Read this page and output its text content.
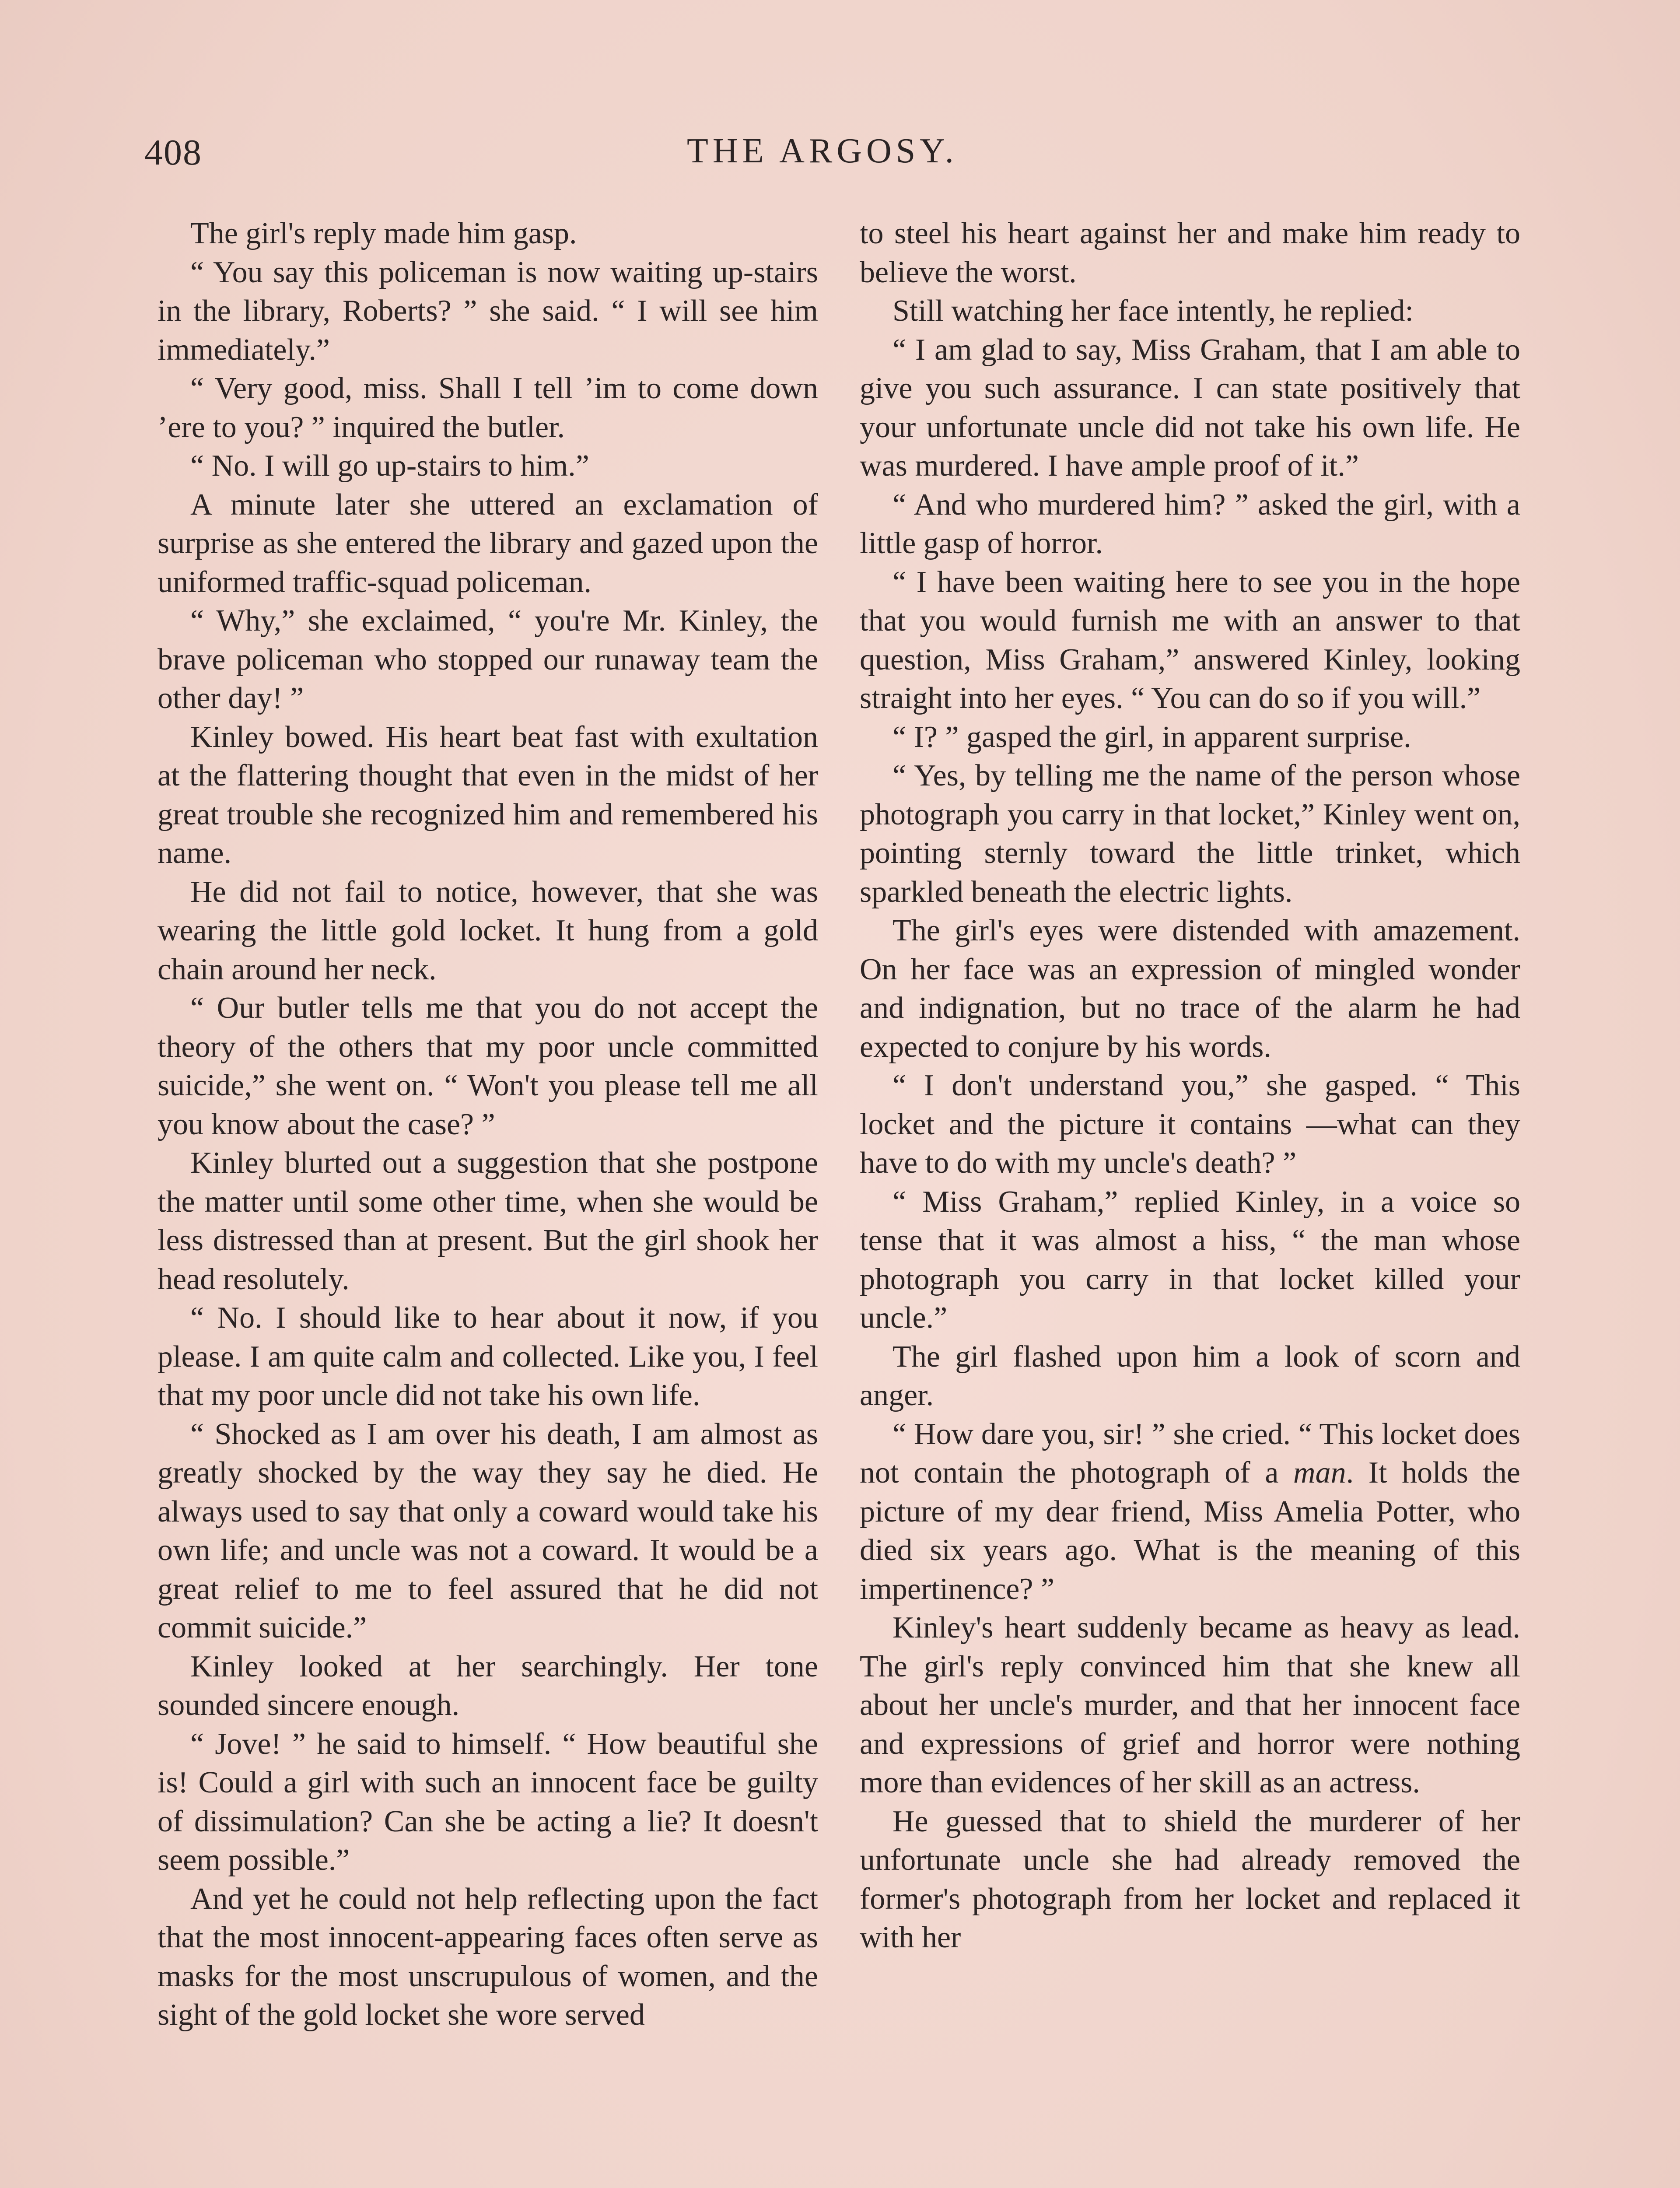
408	THE ARGOSY.

The girl's reply made him gasp.

“ You say this policeman is now waiting up-stairs in the library, Roberts? ” she said. “ I will see him immediately.”

“ Very good, miss. Shall I tell ’im to come down ’ere to you? ” inquired the butler.

“ No. I will go up-stairs to him.”

A minute later she uttered an exclamation of surprise as she entered the library and gazed upon the uniformed traffic-squad policeman.

“ Why,” she exclaimed, “ you're Mr. Kinley, the brave policeman who stopped our runaway team the other day! ”

Kinley bowed. His heart beat fast with exultation at the flattering thought that even in the midst of her great trouble she recognized him and remembered his name.

He did not fail to notice, however, that she was wearing the little gold locket. It hung from a gold chain around her neck.

“ Our butler tells me that you do not accept the theory of the others that my poor uncle committed suicide,” she went on. “ Won't you please tell me all you know about the case? ”

Kinley blurted out a suggestion that she postpone the matter until some other time, when she would be less distressed than at present. But the girl shook her head resolutely.

“ No. I should like to hear about it now, if you please. I am quite calm and collected. Like you, I feel that my poor uncle did not take his own life.

“ Shocked as I am over his death, I am almost as greatly shocked by the way they say he died. He always used to say that only a coward would take his own life; and uncle was not a coward. It would be a great relief to me to feel assured that he did not commit suicide.”

Kinley looked at her searchingly. Her tone sounded sincere enough.

“ Jove! ” he said to himself. “ How beautiful she is! Could a girl with such an innocent face be guilty of dissimulation? Can she be acting a lie? It doesn't seem possible.”

And yet he could not help reflecting upon the fact that the most innocent-appearing faces often serve as masks for the most unscrupulous of women, and the sight of the gold locket she wore served

to steel his heart against her and make him ready to believe the worst.

Still watching her face intently, he replied:

“ I am glad to say, Miss Graham, that I am able to give you such assurance. I can state positively that your unfortunate uncle did not take his own life. He was murdered. I have ample proof of it.”

“ And who murdered him? ” asked the girl, with a little gasp of horror.

“ I have been waiting here to see you in the hope that you would furnish me with an answer to that question, Miss Graham,” answered Kinley, looking straight into her eyes. “ You can do so if you will.”

“ I? ” gasped the girl, in apparent surprise.

“ Yes, by telling me the name of the person whose photograph you carry in that locket,” Kinley went on, pointing sternly toward the little trinket, which sparkled beneath the electric lights.

The girl's eyes were distended with amazement. On her face was an expression of mingled wonder and indignation, but no trace of the alarm he had expected to conjure by his words.

“ I don't understand you,” she gasped. “ This locket and the picture it contains —what can they have to do with my uncle's death? ”

“ Miss Graham,” replied Kinley, in a voice so tense that it was almost a hiss, “ the man whose photograph you carry in that locket killed your uncle.”

The girl flashed upon him a look of scorn and anger.

“ How dare you, sir! ” she cried. “ This locket does not contain the photograph of a man. It holds the picture of my dear friend, Miss Amelia Potter, who died six years ago. What is the meaning of this impertinence? ”

Kinley's heart suddenly became as heavy as lead. The girl's reply convinced him that she knew all about her uncle's murder, and that her innocent face and expressions of grief and horror were nothing more than evidences of her skill as an actress.

He guessed that to shield the murderer of her unfortunate uncle she had already removed the former's photograph from her locket and replaced it with her
